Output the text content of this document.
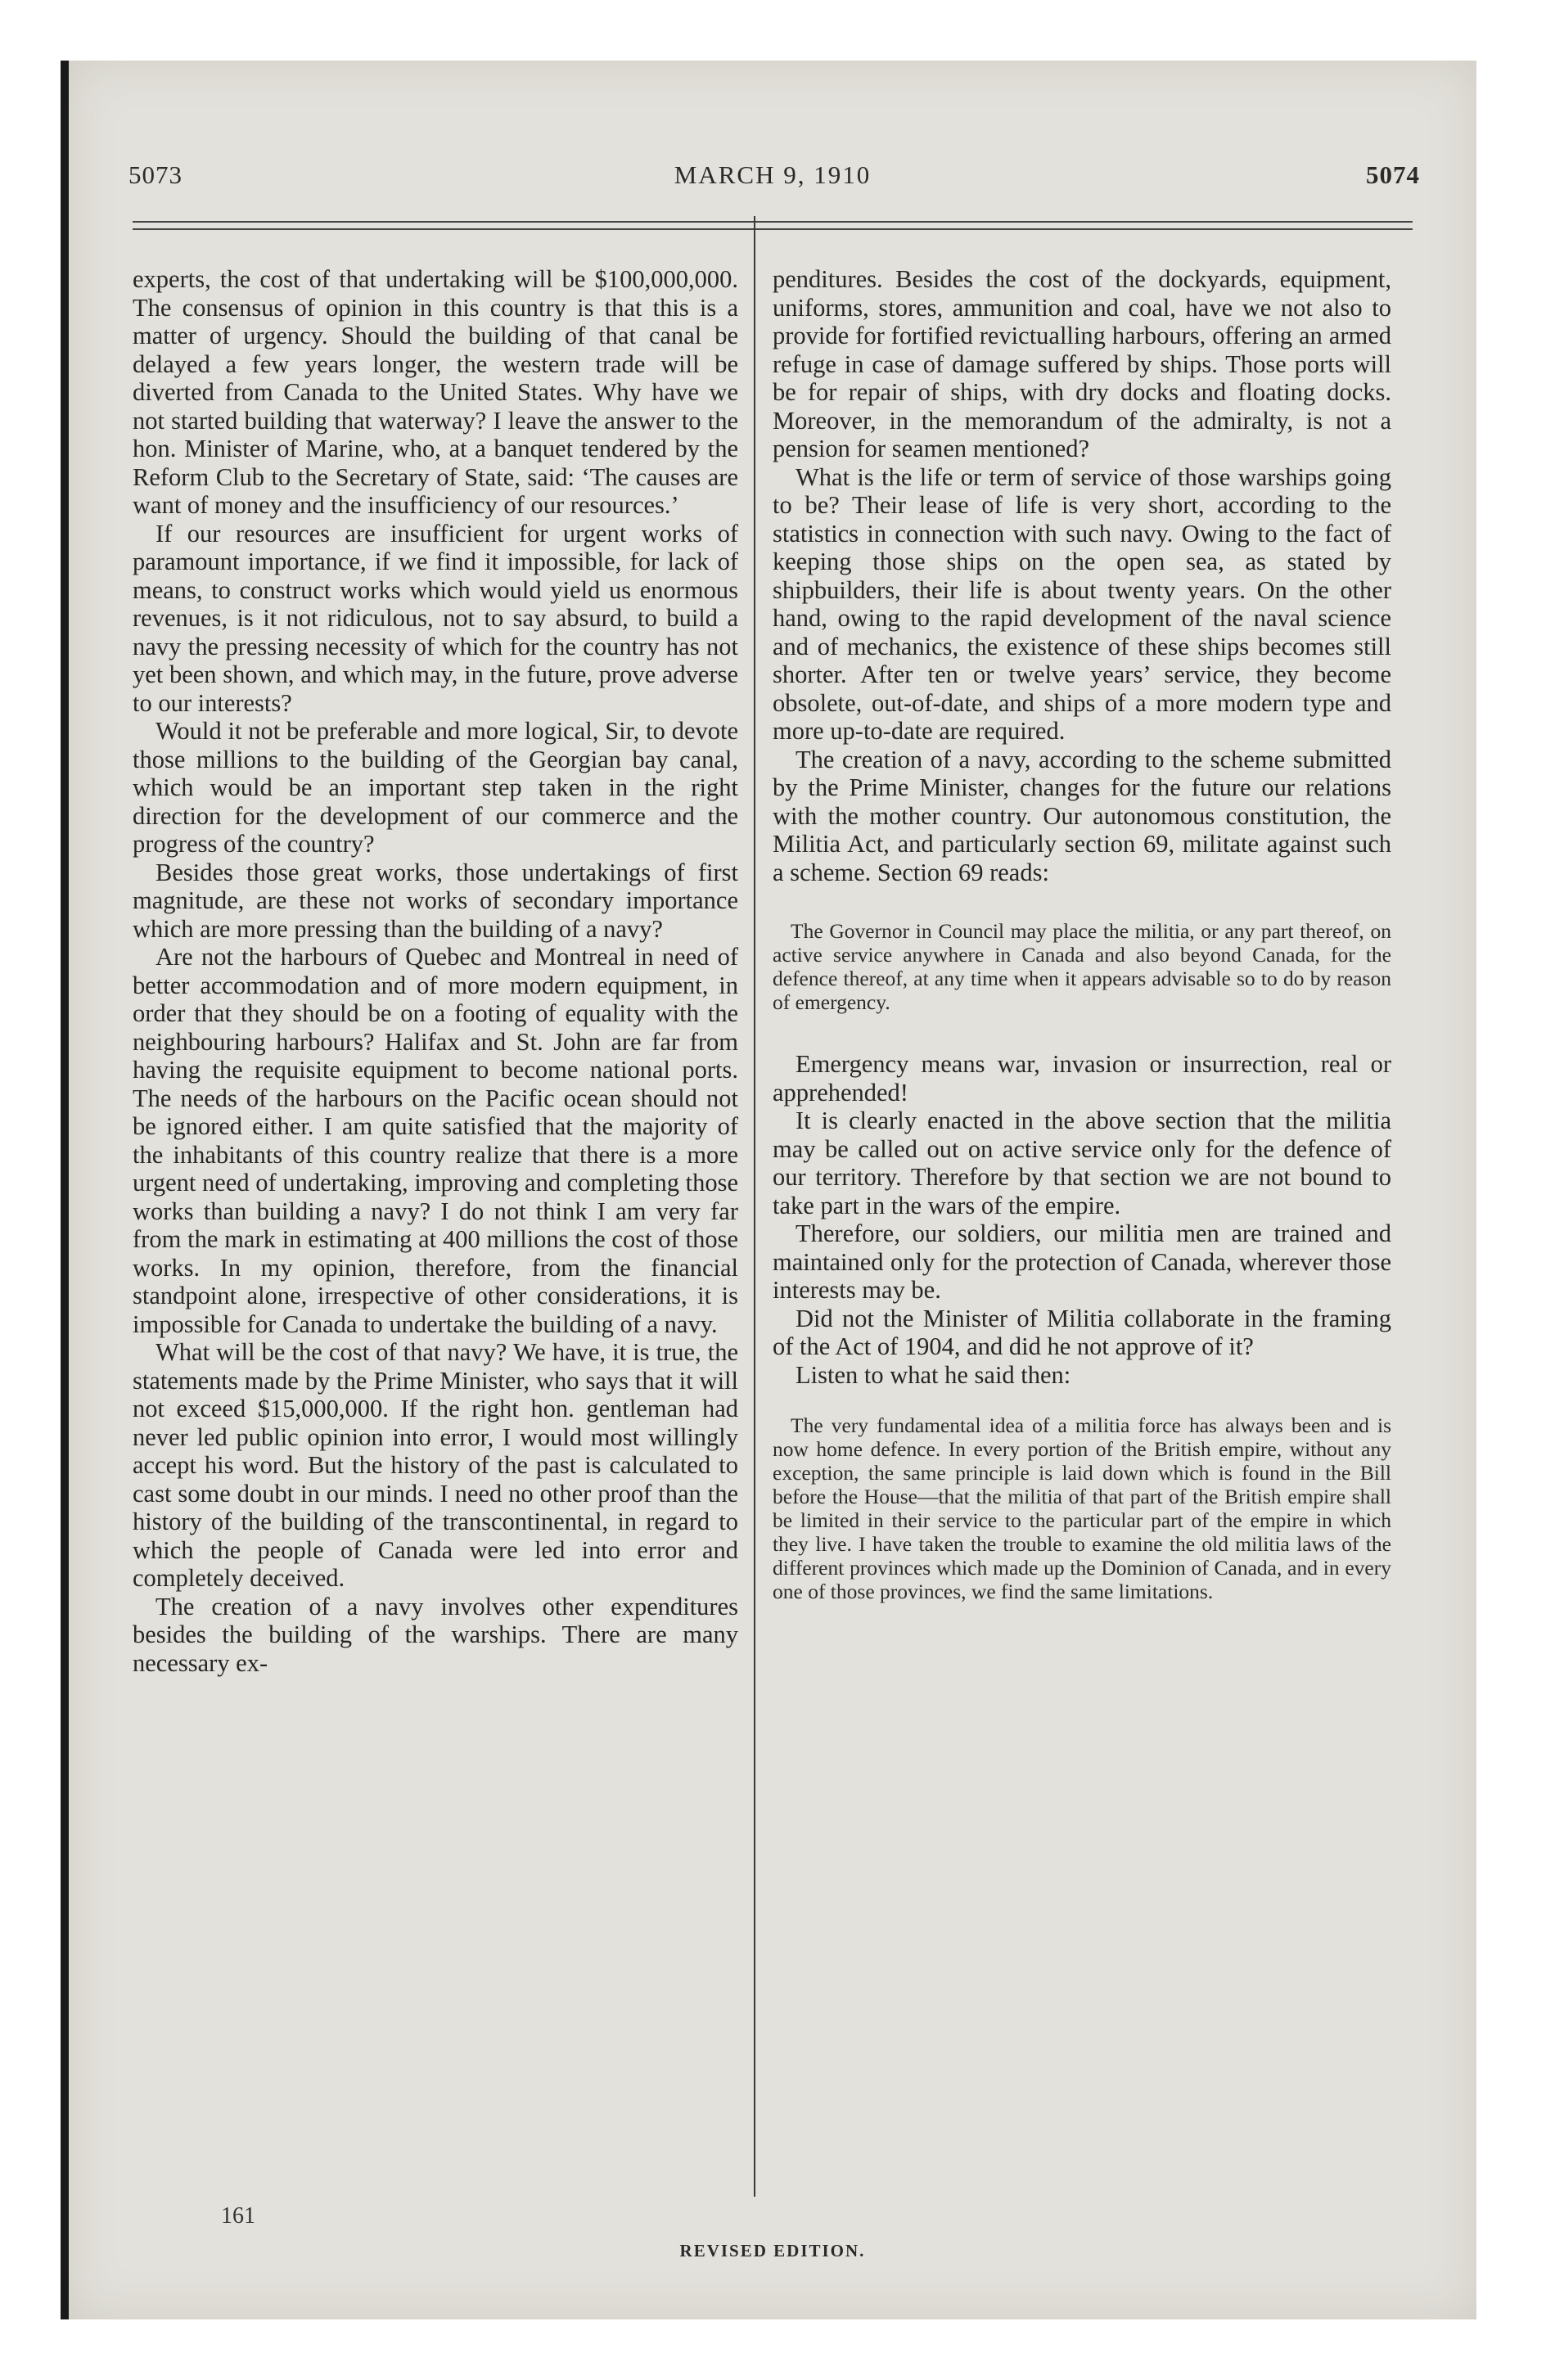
5073	MARCH 9, 1910	5074

experts, the cost of that undertaking will be $100,000,000. The consensus of opinion in this country is that this is a matter of urgency. Should the building of that canal be delayed a few years longer, the western trade will be diverted from Canada to the United States. Why have we not started building that waterway? I leave the answer to the hon. Minister of Marine, who, at a banquet tendered by the Reform Club to the Secretary of State, said: ‘The causes are want of money and the insufficiency of our resources.’

If our resources are insufficient for urgent works of paramount importance, if we find it impossible, for lack of means, to construct works which would yield us enormous revenues, is it not ridiculous, not to say absurd, to build a navy the pressing necessity of which for the country has not yet been shown, and which may, in the future, prove adverse to our interests?

Would it not be preferable and more logical, Sir, to devote those millions to the building of the Georgian bay canal, which would be an important step taken in the right direction for the development of our commerce and the progress of the country?

Besides those great works, those undertakings of first magnitude, are these not works of secondary importance which are more pressing than the building of a navy?

Are not the harbours of Quebec and Montreal in need of better accommodation and of more modern equipment, in order that they should be on a footing of equality with the neighbouring harbours? Halifax and St. John are far from having the requisite equipment to become national ports. The needs of the harbours on the Pacific ocean should not be ignored either. I am quite satisfied that the majority of the inhabitants of this country realize that there is a more urgent need of undertaking, improving and completing those works than building a navy? I do not think I am very far from the mark in estimating at 400 millions the cost of those works. In my opinion, therefore, from the financial standpoint alone, irrespective of other considerations, it is impossible for Canada to undertake the building of a navy.

What will be the cost of that navy? We have, it is true, the statements made by the Prime Minister, who says that it will not exceed $15,000,000. If the right hon. gentleman had never led public opinion into error, I would most willingly accept his word. But the history of the past is calculated to cast some doubt in our minds. I need no other proof than the history of the building of the transcontinental, in regard to which the people of Canada were led into error and completely deceived.

The creation of a navy involves other expenditures besides the building of the warships. There are many necessary ex-

penditures. Besides the cost of the dockyards, equipment, uniforms, stores, ammunition and coal, have we not also to provide for fortified revictualling harbours, offering an armed refuge in case of damage suffered by ships. Those ports will be for repair of ships, with dry docks and floating docks. Moreover, in the memorandum of the admiralty, is not a pension for seamen mentioned?

What is the life or term of service of those warships going to be? Their lease of life is very short, according to the statistics in connection with such navy. Owing to the fact of keeping those ships on the open sea, as stated by shipbuilders, their life is about twenty years. On the other hand, owing to the rapid development of the naval science and of mechanics, the existence of these ships becomes still shorter. After ten or twelve years’ service, they become obsolete, out-of-date, and ships of a more modern type and more up-to-date are required.

The creation of a navy, according to the scheme submitted by the Prime Minister, changes for the future our relations with the mother country. Our autonomous constitution, the Militia Act, and particularly section 69, militate against such a scheme. Section 69 reads:

The Governor in Council may place the militia, or any part thereof, on active service anywhere in Canada and also beyond Canada, for the defence thereof, at any time when it appears advisable so to do by reason of emergency.

Emergency means war, invasion or insurrection, real or apprehended!

It is clearly enacted in the above section that the militia may be called out on active service only for the defence of our territory. Therefore by that section we are not bound to take part in the wars of the empire.

Therefore, our soldiers, our militia men are trained and maintained only for the protection of Canada, wherever those interests may be.

Did not the Minister of Militia collaborate in the framing of the Act of 1904, and did he not approve of it?

Listen to what he said then:

The very fundamental idea of a militia force has always been and is now home defence. In every portion of the British empire, without any exception, the same principle is laid down which is found in the Bill before the House—that the militia of that part of the British empire shall be limited in their service to the particular part of the empire in which they live. I have taken the trouble to examine the old militia laws of the different provinces which made up the Dominion of Canada, and in every one of those provinces, we find the same limitations.

161
REVISED EDITION.
